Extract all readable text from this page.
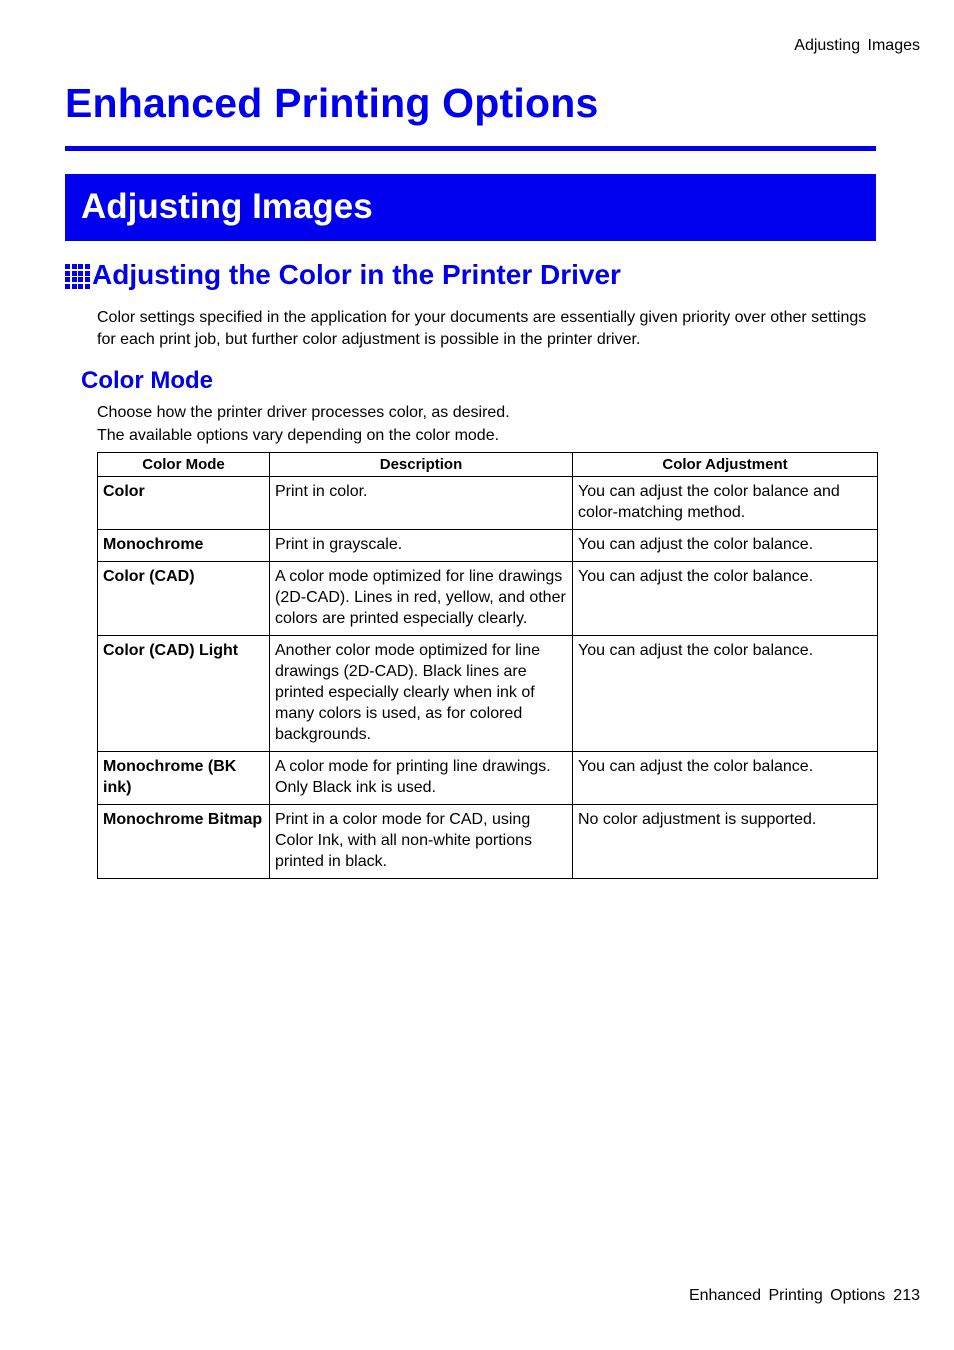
Adjusting Images
Enhanced Printing Options
Adjusting Images
Adjusting the Color in the Printer Driver

Color settings specified in the application for your documents are essentially given priority over other settings for each print job, but further color adjustment is possible in the printer driver.

Color Mode

Choose how the printer driver processes color, as desired.

The available options vary depending on the color mode.

Color Mode	Description	Color Adjustment
Color	Print in color.	You can adjust the color balance and color-matching method.
Monochrome	Print in grayscale.	You can adjust the color balance.
Color (CAD)	A color mode optimized for line drawings (2D-CAD). Lines in red, yellow, and other colors are printed especially clearly.	You can adjust the color balance.
Color (CAD) Light	Another color mode optimized for line drawings (2D-CAD). Black lines are printed especially clearly when ink of many colors is used, as for colored backgrounds.	You can adjust the color balance.
Monochrome (BK ink)	A color mode for printing line drawings. Only Black ink is used.	You can adjust the color balance.
Monochrome Bitmap	Print in a color mode for CAD, using Color Ink, with all non-white portions printed in black.	No color adjustment is supported.
Enhanced Printing Options 213
